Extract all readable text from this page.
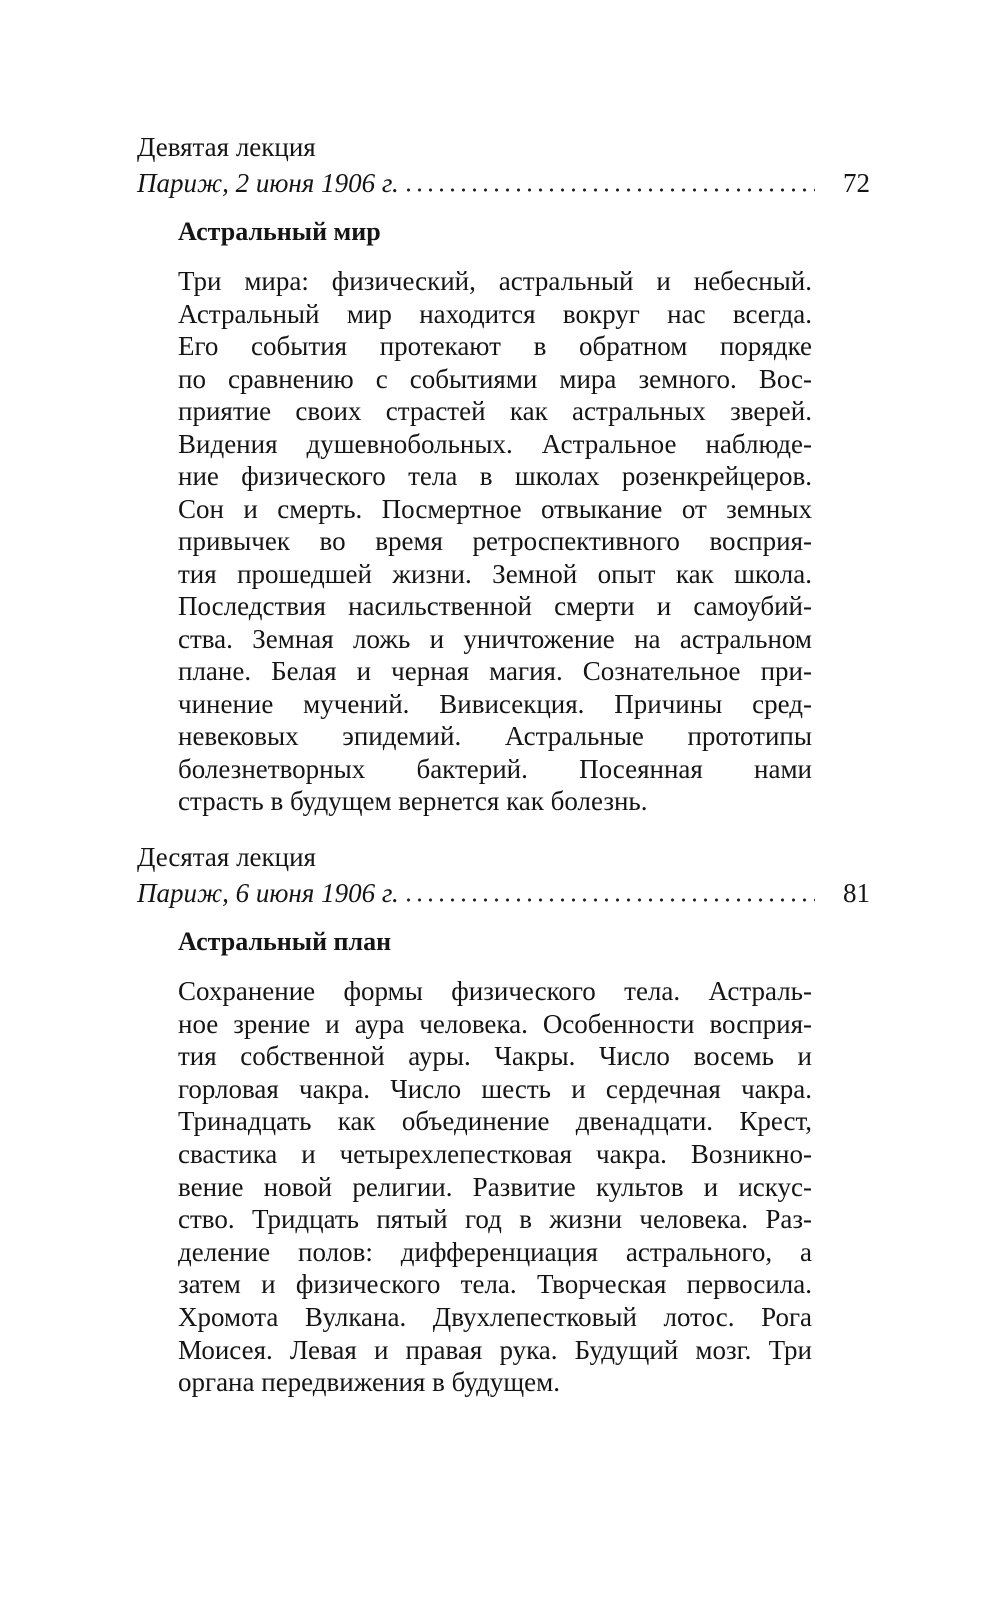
Девятая лекция
Париж, 2 июня 1906 г.	72
Астральный мир
Три мира: физический, астральный и небесный.
Астральный мир находится вокруг нас всегда.
Его события протекают в обратном порядке
по сравнению с событиями мира земного. Вос-
приятие своих страстей как астральных зверей.
Видения душевнобольных. Астральное наблюде-
ние физического тела в школах розенкрейцеров.
Сон и смерть. Посмертное отвыкание от земных
привычек во время ретроспективного восприя-
тия прошедшей жизни. Земной опыт как школа.
Последствия насильственной смерти и самоубий-
ства. Земная ложь и уничтожение на астральном
плане. Белая и черная магия. Сознательное при-
чинение мучений. Вивисекция. Причины сред-
невековых эпидемий. Астральные прототипы
болезнетворных бактерий. Посеянная нами
страсть в будущем вернется как болезнь.
Десятая лекция
Париж, 6 июня 1906 г.	81
Астральный план
Сохранение формы физического тела. Астраль-
ное зрение и аура человека. Особенности восприя-
тия собственной ауры. Чакры. Число восемь и
горловая чакра. Число шесть и сердечная чакра.
Тринадцать как объединение двенадцати. Крест,
свастика и четырехлепестковая чакра. Возникно-
вение новой религии. Развитие культов и искус-
ство. Тридцать пятый год в жизни человека. Раз-
деление полов: дифференциация астрального, а
затем и физического тела. Творческая первосила.
Хромота Вулкана. Двухлепестковый лотос. Рога
Моисея. Левая и правая рука. Будущий мозг. Три
органа передвижения в будущем.
